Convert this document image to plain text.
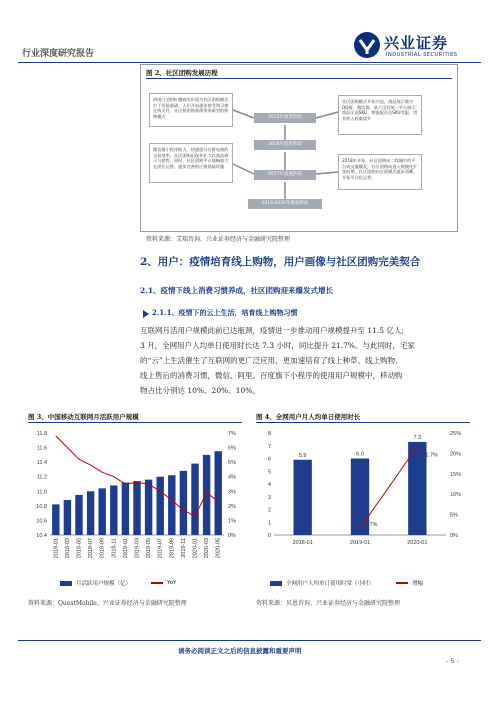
行业深度研究报告
兴业证券
INDUSTRIAL SECURITIES
图 2、社区团购发展历程
拼团/主/团购 微商的出现为社区团购模式打下发展基础，人们开始逐步接受和习惯在线支付，社区拼团购商商带来新型的购物模式
微信群小程序助力、快速提升社群电商的交易效率，社区团购出现并扩大以商品展示与销售、同时，社区团购平台战略加大在团长运营，逐步完善供应链基础设施
社区团购模式开始兴起，商品展示集中QQ群、微信群。基于没有统一平台展示商品全面SKU、物流配送及SKU受限，营业收入较难提升
2018年开始，社区团购向二线城市的平台成交量爆发，社区团购向进入规模化扩张时期，社区团购向全面模式逐步清晰，开始平台化运营。
2015年萌芽阶段
2016年起步阶段
2017年发展阶段
2018-2020年爆发阶段
资料来源：艾瑞咨询、兴业证券经济与金融研究院整理
2、用户：疫情培育线上购物，用户画像与社区团购完美契合
2.1、疫情下线上消费习惯养成，社区团购迎来爆发式增长
2.1.1、疫情下的云上生活，培育线上购物习惯
互联网月活用户规模此前已达瓶颈，疫情进一步推动用户规模提升至 11.5 亿人;
3 月，全网用户人均单日使用时长达 7.3 小时，同比提升 21.7%。与此同时，宅家
的“云”上生活催生了互联网的更广泛应用，更加速培育了线上种草、线上购物、
线上售后的消费习惯，微信、阿里、百度旗下小程序的使用用户规模中，移动购
物占比分别达 10%、20%、10%。
图 3、中国移动互联网月活跃用户规模
10.4
10.6
10.8
11.0
11.2
11.4
11.6
11.8
0%
1%
2%
3%
4%
5%
6%
7%
2018-01 2018-03 2018-05 2018-07 2018-09 2018-11 2019-01 2019-03 2019-05 2019-07 2019-09 2019-11 2020-01 2020-03 2020-05
月活跃用户规模（亿）	YoY
资料来源：QuestMobile、兴业证券经济与金融研究院整理
图 4、全网用户月人均单日使用时长
0
1
2
3
4
5
6
7
8
0%
5%
10%
15%
20%
25%
5.9	6.0
7.3
1.7%
21.7%
2018-01	2019-01	2020-01
全网用户人均单日使用时常（小时）	增幅
资料来源：贝恩咨询、兴业证券经济与金融研究院整理
请务必阅读正文之后的信息披露和重要声明
- 5 -
